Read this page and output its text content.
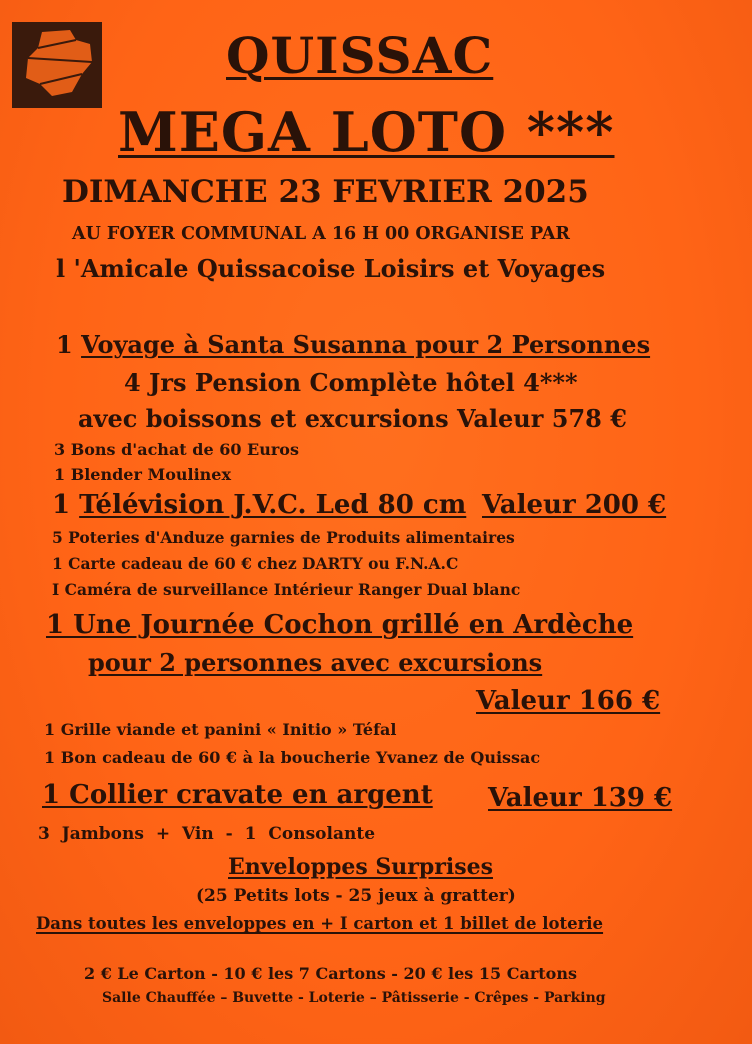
QUISSAC
MEGA LOTO ***
DIMANCHE 23 FEVRIER 2025
AU FOYER COMMUNAL A 16 H 00 ORGANISE PAR
l 'Amicale Quissacoise Loisirs et Voyages
1 Voyage à Santa Susanna pour 2 Personnes
4 Jrs Pension Complète hôtel 4***
avec boissons et excursions Valeur 578 €
3 Bons d'achat de 60 Euros
1 Blender Moulinex
1 Télévision J.V.C. Led 80 cm Valeur 200 €
5 Poteries d'Anduze garnies de Produits alimentaires
1 Carte cadeau de 60 € chez DARTY ou F.N.A.C
I Caméra de surveillance Intérieur Ranger Dual blanc
1 Une Journée Cochon grillé en Ardèche
pour 2 personnes avec excursions
Valeur 166 €
1 Grille viande et panini « Initio » Téfal
1 Bon cadeau de 60 € à la boucherie Yvanez de Quissac
1 Collier cravate en argent Valeur 139 €
3 Jambons + Vin - 1 Consolante
Enveloppes Surprises
(25 Petits lots - 25 jeux à gratter)
Dans toutes les enveloppes en + I carton et 1 billet de loterie
2 € Le Carton - 10 € les 7 Cartons - 20 € les 15 Cartons
Salle Chauffée – Buvette - Loterie – Pâtisserie - Crêpes - Parking
